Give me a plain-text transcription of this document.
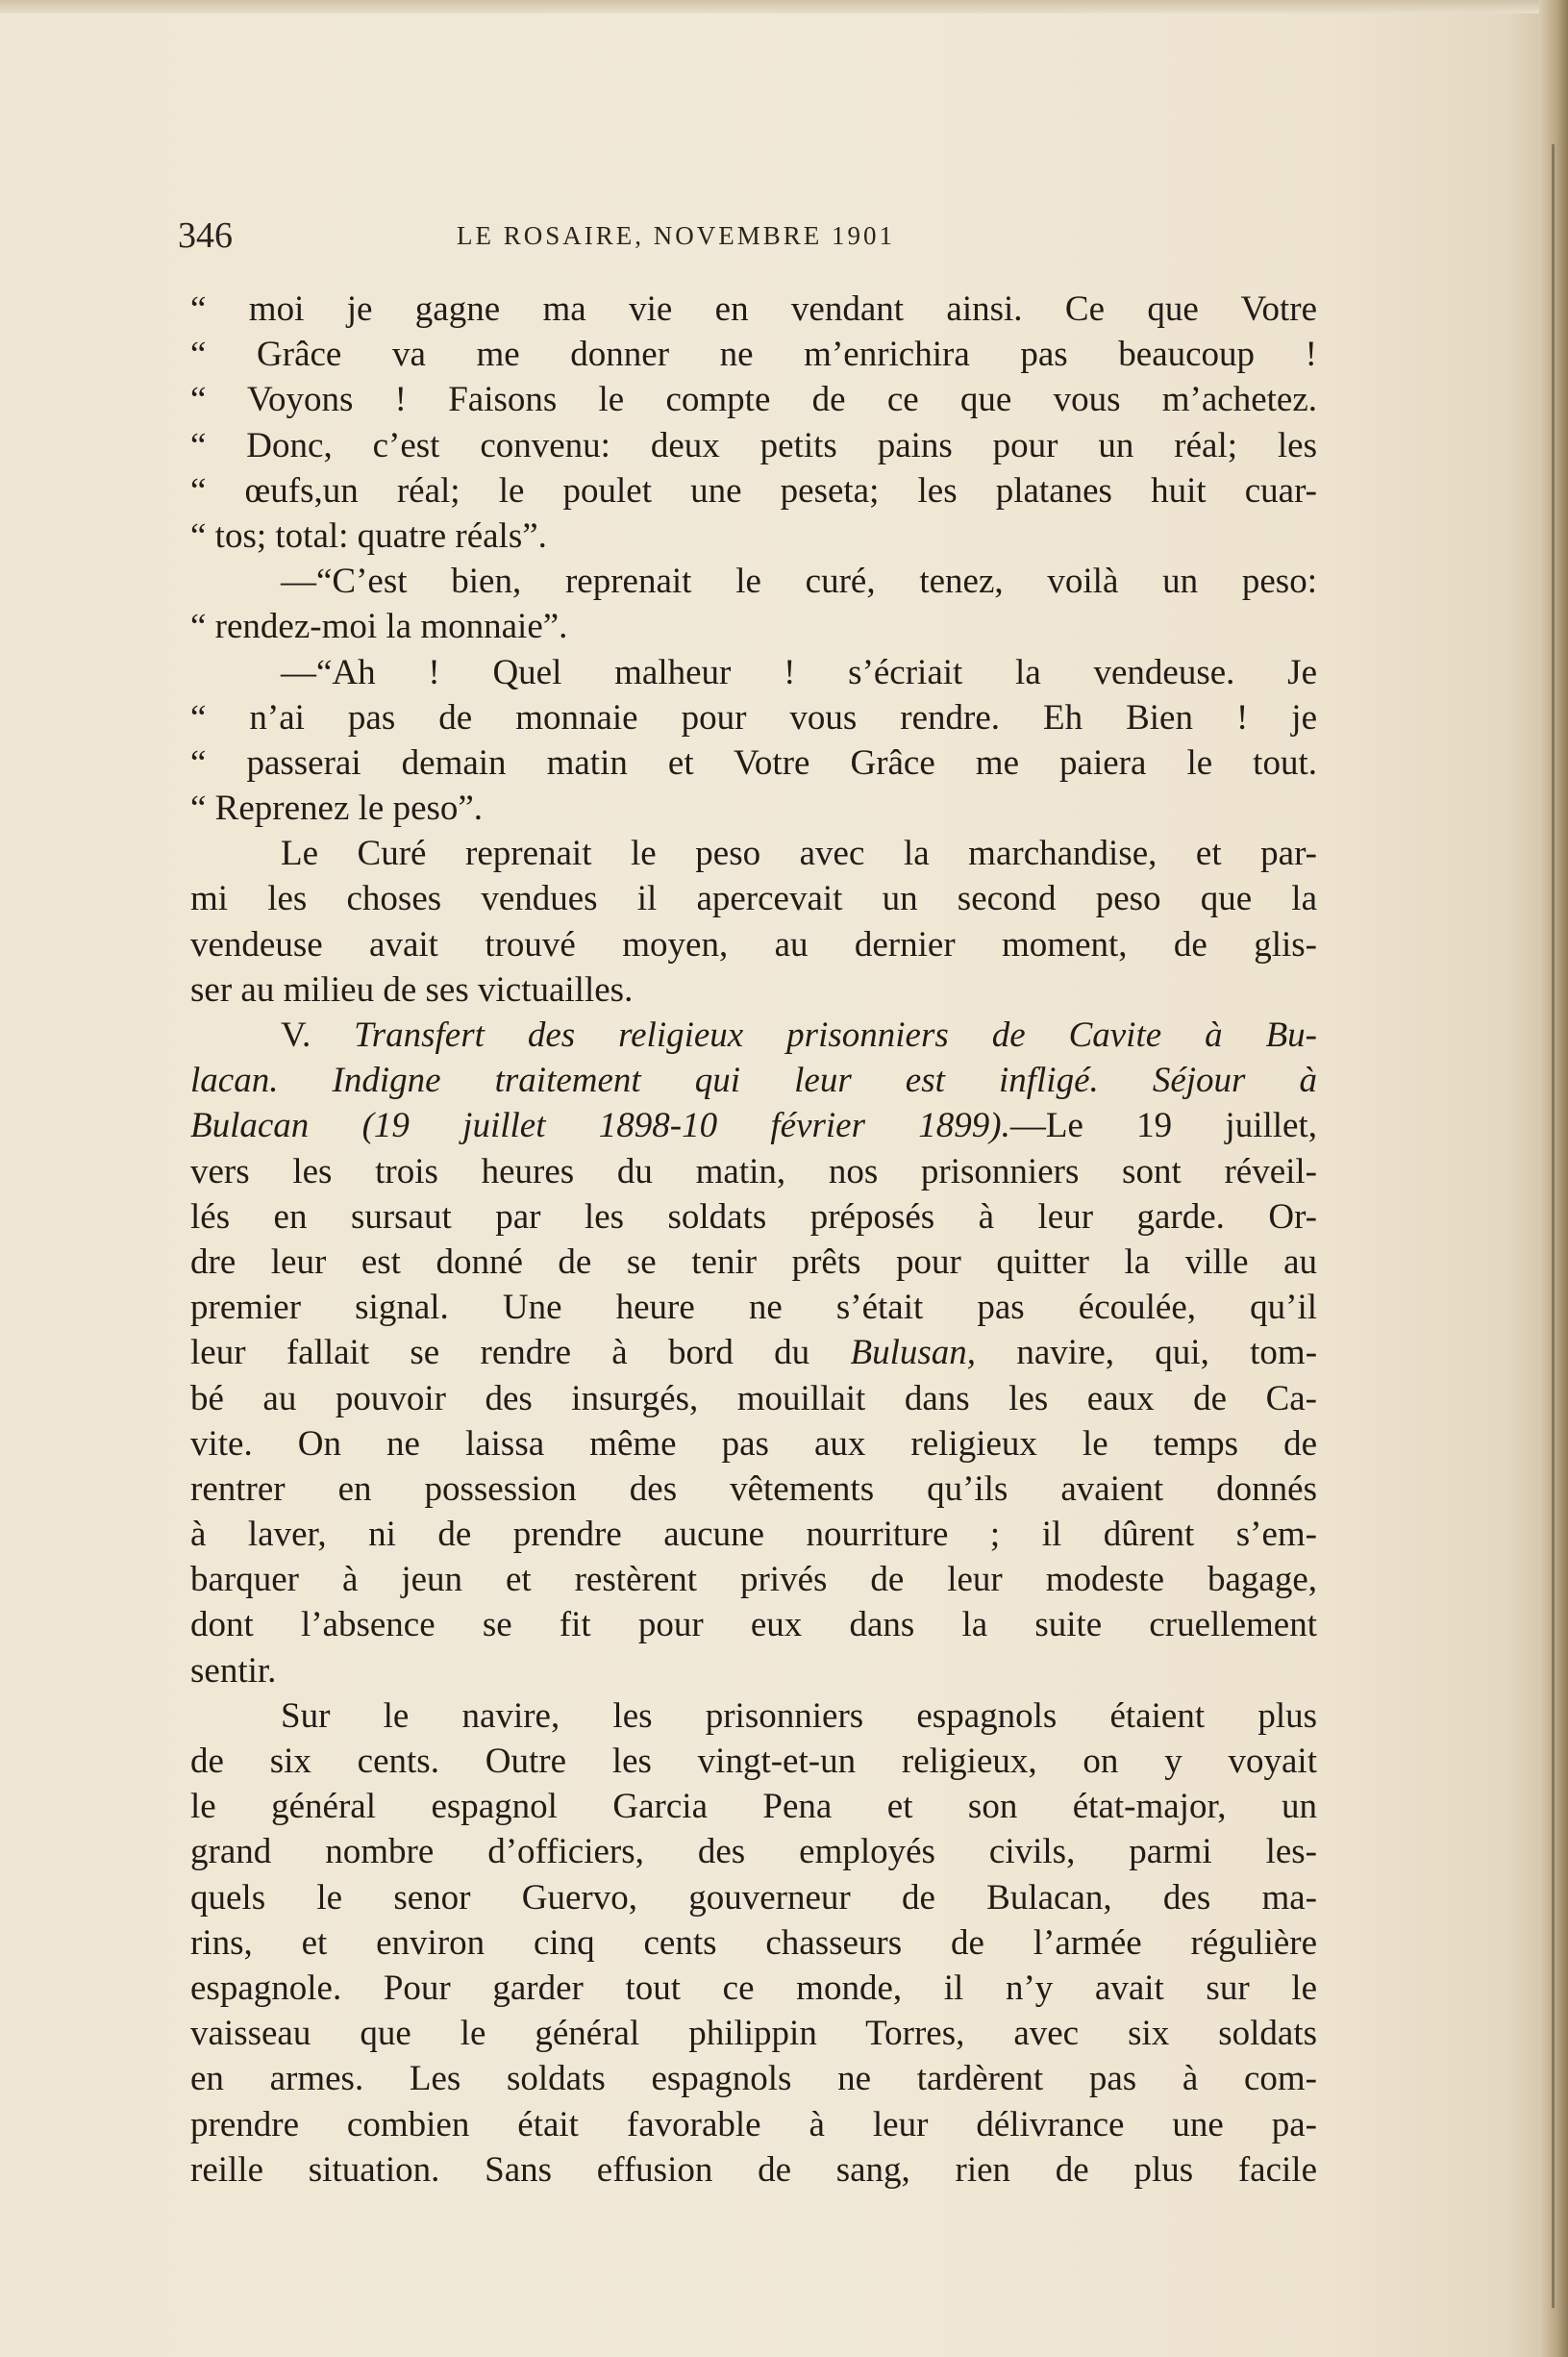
346	LE ROSAIRE, NOVEMBRE 1901
“ moi je gagne ma vie en vendant ainsi. Ce que Votre
“ Grâce va me donner ne m’enrichira pas beaucoup !
“ Voyons ! Faisons le compte de ce que vous m’achetez.
“ Donc, c’est convenu: deux petits pains pour un réal; les
“ œufs,un réal; le poulet une peseta; les platanes huit cuar-
“ tos; total: quatre réals”.
—“C’est bien, reprenait le curé, tenez, voilà un peso:
“ rendez-moi la monnaie”.
—“Ah ! Quel malheur ! s’écriait la vendeuse. Je
“ n’ai pas de monnaie pour vous rendre. Eh Bien ! je
“ passerai demain matin et Votre Grâce me paiera le tout.
“ Reprenez le peso”.
Le Curé reprenait le peso avec la marchandise, et par-
mi les choses vendues il apercevait un second peso que la
vendeuse avait trouvé moyen, au dernier moment, de glis-
ser au milieu de ses victuailles.
V. Transfert des religieux prisonniers de Cavite à Bu-
lacan. Indigne traitement qui leur est infligé. Séjour à
Bulacan (19 juillet 1898-10 février 1899).—Le 19 juillet,
vers les trois heures du matin, nos prisonniers sont réveil-
lés en sursaut par les soldats préposés à leur garde. Or-
dre leur est donné de se tenir prêts pour quitter la ville au
premier signal. Une heure ne s’était pas écoulée, qu’il
leur fallait se rendre à bord du Bulusan, navire, qui, tom-
bé au pouvoir des insurgés, mouillait dans les eaux de Ca-
vite. On ne laissa même pas aux religieux le temps de
rentrer en possession des vêtements qu’ils avaient donnés
à laver, ni de prendre aucune nourriture ; il dûrent s’em-
barquer à jeun et restèrent privés de leur modeste bagage,
dont l’absence se fit pour eux dans la suite cruellement
sentir.
Sur le navire, les prisonniers espagnols étaient plus
de six cents. Outre les vingt-et-un religieux, on y voyait
le général espagnol Garcia Pena et son état-major, un
grand nombre d’officiers, des employés civils, parmi les-
quels le senor Guervo, gouverneur de Bulacan, des ma-
rins, et environ cinq cents chasseurs de l’armée régulière
espagnole. Pour garder tout ce monde, il n’y avait sur le
vaisseau que le général philippin Torres, avec six soldats
en armes. Les soldats espagnols ne tardèrent pas à com-
prendre combien était favorable à leur délivrance une pa-
reille situation. Sans effusion de sang, rien de plus facile
